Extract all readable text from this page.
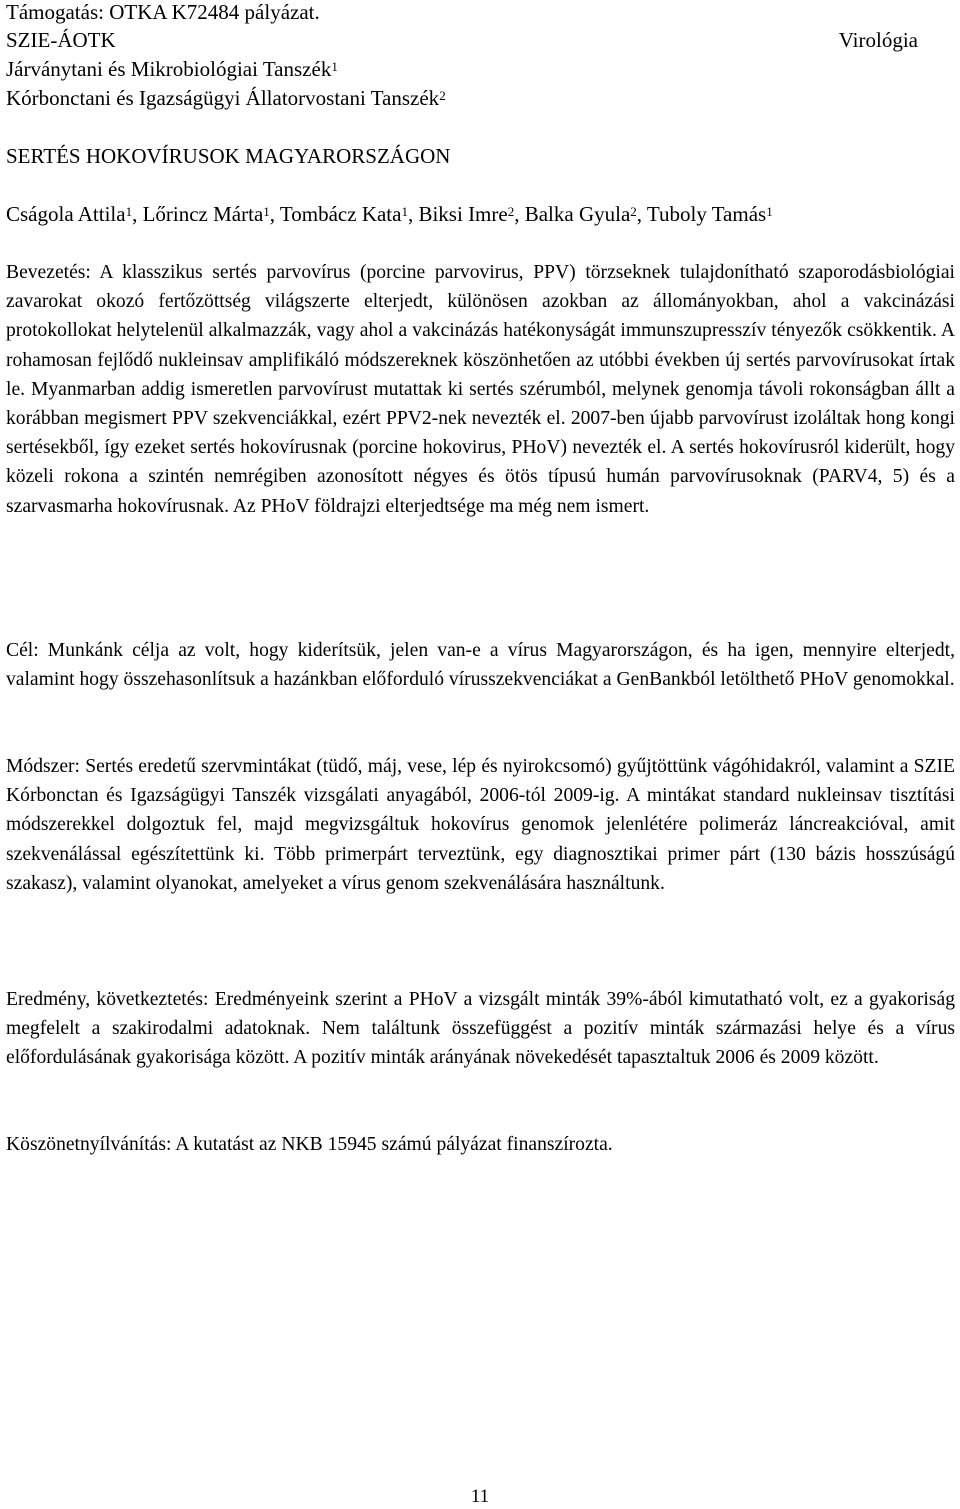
Támogatás: OTKA K72484 pályázat.
SZIE-ÁOTK	Virológia
Járványtani és Mikrobiológiai Tanszék$^1$
Kórbonctani és Igazságügyi Állatorvostani Tanszék$^2$
SERTÉS HOKOVÍRUSOK MAGYARORSZÁGON
Cságola Attila$^1$, Lőrincz Márta$^1$, Tombácz Kata$^1$, Biksi Imre$^2$, Balka Gyula$^2$, Tuboly Tamás$^1$

Bevezetés: A klasszikus sertés parvovírus (porcine parvovirus, PPV) törzseknek tulajdonítható szaporodásbiológiai zavarokat okozó fertőzöttség világszerte elterjedt, különösen azokban az állományokban, ahol a vakcinázási protokollokat helytelenül alkalmazzák, vagy ahol a vakcinázás hatékonyságát immunszupresszív tényezők csökkentik. A rohamosan fejlődő nukleinsav amplifikáló módszereknek köszönhetően az utóbbi években új sertés parvovírusokat írtak le. Myanmarban addig ismeretlen parvovírust mutattak ki sertés szérumból, melynek genomja távoli rokonságban állt a korábban megismert PPV szekvenciákkal, ezért PPV2-nek nevezték el. 2007-ben újabb parvovírust izoláltak hong kongi sertésekből, így ezeket sertés hokovírusnak (porcine hokovirus, PHoV) nevezték el. A sertés hokovírusról kiderült, hogy közeli rokona a szintén nemrégiben azonosított négyes és ötös típusú humán parvovírusoknak (PARV4, 5) és a szarvasmarha hokovírusnak. Az PHoV földrajzi elterjedtsége ma még nem ismert.

Cél: Munkánk célja az volt, hogy kiderítsük, jelen van-e a vírus Magyarországon, és ha igen, mennyire elterjedt, valamint hogy összehasonlítsuk a hazánkban előforduló vírusszekvenciákat a GenBankból letölthető PHoV genomokkal.

Módszer: Sertés eredetű szervmintákat (tüdő, máj, vese, lép és nyirokcsomó) gyűjtöttünk vágóhidakról, valamint a SZIE Kórbonctan és Igazságügyi Tanszék vizsgálati anyagából, 2006-tól 2009-ig. A mintákat standard nukleinsav tisztítási módszerekkel dolgoztuk fel, majd megvizsgáltuk hokovírus genomok jelenlétére polimeráz láncreakcióval, amit szekvenálással egészítettünk ki. Több primerpárt terveztünk, egy diagnosztikai primer párt (130 bázis hosszúságú szakasz), valamint olyanokat, amelyeket a vírus genom szekvenálására használtunk.

Eredmény, következtetés: Eredményeink szerint a PHoV a vizsgált minták 39%-ából kimutatható volt, ez a gyakoriság megfelelt a szakirodalmi adatoknak. Nem találtunk összefüggést a pozitív minták származási helye és a vírus előfordulásának gyakorisága között. A pozitív minták arányának növekedését tapasztaltuk 2006 és 2009 között.

Köszönetnyílvánítás: A kutatást az NKB 15945 számú pályázat finanszírozta.

11
